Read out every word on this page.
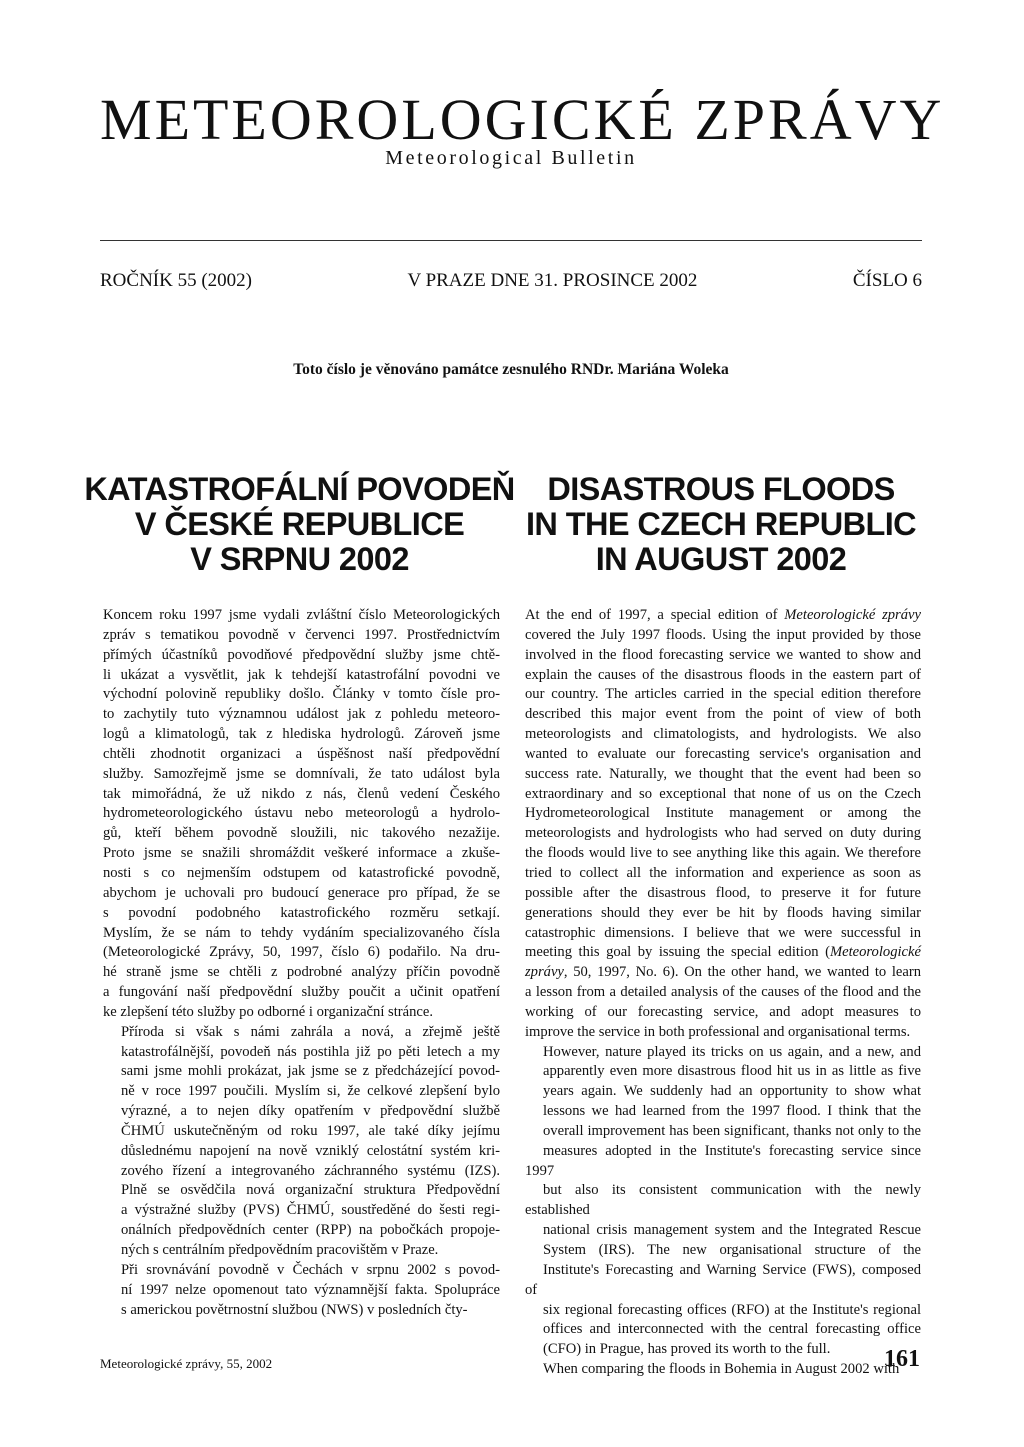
METEOROLOGICKÉ ZPRÁVY
Meteorological Bulletin
ROČNÍK 55 (2002)	V PRAZE DNE 31. PROSINCE 2002	ČÍSLO 6
Toto číslo je věnováno památce zesnulého RNDr. Mariána Woleka
KATASTROFÁLNÍ POVODEŇ
V ČESKÉ REPUBLICE
V SRPNU 2002
DISASTROUS FLOODS
IN THE CZECH REPUBLIC
IN AUGUST 2002

Koncem roku 1997 jsme vydali zvláštní číslo Meteorologických
zpráv s tematikou povodně v červenci 1997. Prostřednictvím
přímých účastníků povodňové předpovědní služby jsme chtě-
li ukázat a vysvětlit, jak k tehdejší katastrofální povodni ve
východní polovině republiky došlo. Články v tomto čísle pro-
to zachytily tuto významnou událost jak z pohledu meteoro-
logů a klimatologů, tak z hlediska hydrologů. Zároveň jsme
chtěli zhodnotit organizaci a úspěšnost naší předpovědní
služby. Samozřejmě jsme se domnívali, že tato událost byla
tak mimořádná, že už nikdo z nás, členů vedení Českého
hydrometeorologického ústavu nebo meteorologů a hydrolo-
gů, kteří během povodně sloužili, nic takového nezažije.
Proto jsme se snažili shromáždit veškeré informace a zkuše-
nosti s co nejmenším odstupem od katastrofické povodně,
abychom je uchovali pro budoucí generace pro případ, že se
s povodní podobného katastrofického rozměru setkají.
Myslím, že se nám to tehdy vydáním specializovaného čísla
(Meteorologické Zprávy, 50, 1997, číslo 6) podařilo. Na dru-
hé straně jsme se chtěli z podrobné analýzy příčin povodně
a fungování naší předpovědní služby poučit a učinit opatření
ke zlepšení této služby po odborné i organizační stránce.

Příroda si však s námi zahrála a nová, a zřejmě ještě
katastrofálnější, povodeň nás postihla již po pěti letech a my
sami jsme mohli prokázat, jak jsme se z předcházející povod-
ně v roce 1997 poučili. Myslím si, že celkové zlepšení bylo
výrazné, a to nejen díky opatřením v předpovědní službě
ČHMÚ uskutečněným od roku 1997, ale také díky jejímu
důslednému napojení na nově vzniklý celostátní systém kri-
zového řízení a integrovaného záchranného systému (IZS).
Plně se osvědčila nová organizační struktura Předpovědní
a výstražné služby (PVS) ČHMÚ, soustředěné do šesti regi-
onálních předpovědních center (RPP) na pobočkách propoje-
ných s centrálním předpovědním pracovištěm v Praze.

Při srovnávání povodně v Čechách v srpnu 2002 s povod-
ní 1997 nelze opomenout tato významnější fakta. Spolupráce
s americkou povětrnostní službou (NWS) v posledních čty-

At the end of 1997, a special edition of Meteorologické zprávy
covered the July 1997 floods. Using the input provided by those
involved in the flood forecasting service we wanted to show and
explain the causes of the disastrous floods in the eastern part of
our country. The articles carried in the special edition therefore
described this major event from the point of view of both
meteorologists and climatologists, and hydrologists. We also
wanted to evaluate our forecasting service's organisation and
success rate. Naturally, we thought that the event had been so
extraordinary and so exceptional that none of us on the Czech
Hydrometeorological Institute management or among the
meteorologists and hydrologists who had served on duty during
the floods would live to see anything like this again. We therefore
tried to collect all the information and experience as soon as
possible after the disastrous flood, to preserve it for future
generations should they ever be hit by floods having similar
catastrophic dimensions. I believe that we were successful in
meeting this goal by issuing the special edition (Meteorologické
zprávy, 50, 1997, No. 6). On the other hand, we wanted to learn
a lesson from a detailed analysis of the causes of the flood and the
working of our forecasting service, and adopt measures to
improve the service in both professional and organisational terms.

However, nature played its tricks on us again, and a new, and
apparently even more disastrous flood hit us in as little as five
years again. We suddenly had an opportunity to show what
lessons we had learned from the 1997 flood. I think that the
overall improvement has been significant, thanks not only to the
measures adopted in the Institute's forecasting service since 1997
but also its consistent communication with the newly established
national crisis management system and the Integrated Rescue
System (IRS). The new organisational structure of the
Institute's Forecasting and Warning Service (FWS), composed of
six regional forecasting offices (RFO) at the Institute's regional
offices and interconnected with the central forecasting office
(CFO) in Prague, has proved its worth to the full.

When comparing the floods in Bohemia in August 2002 with

Meteorologické zprávy, 55, 2002	161
